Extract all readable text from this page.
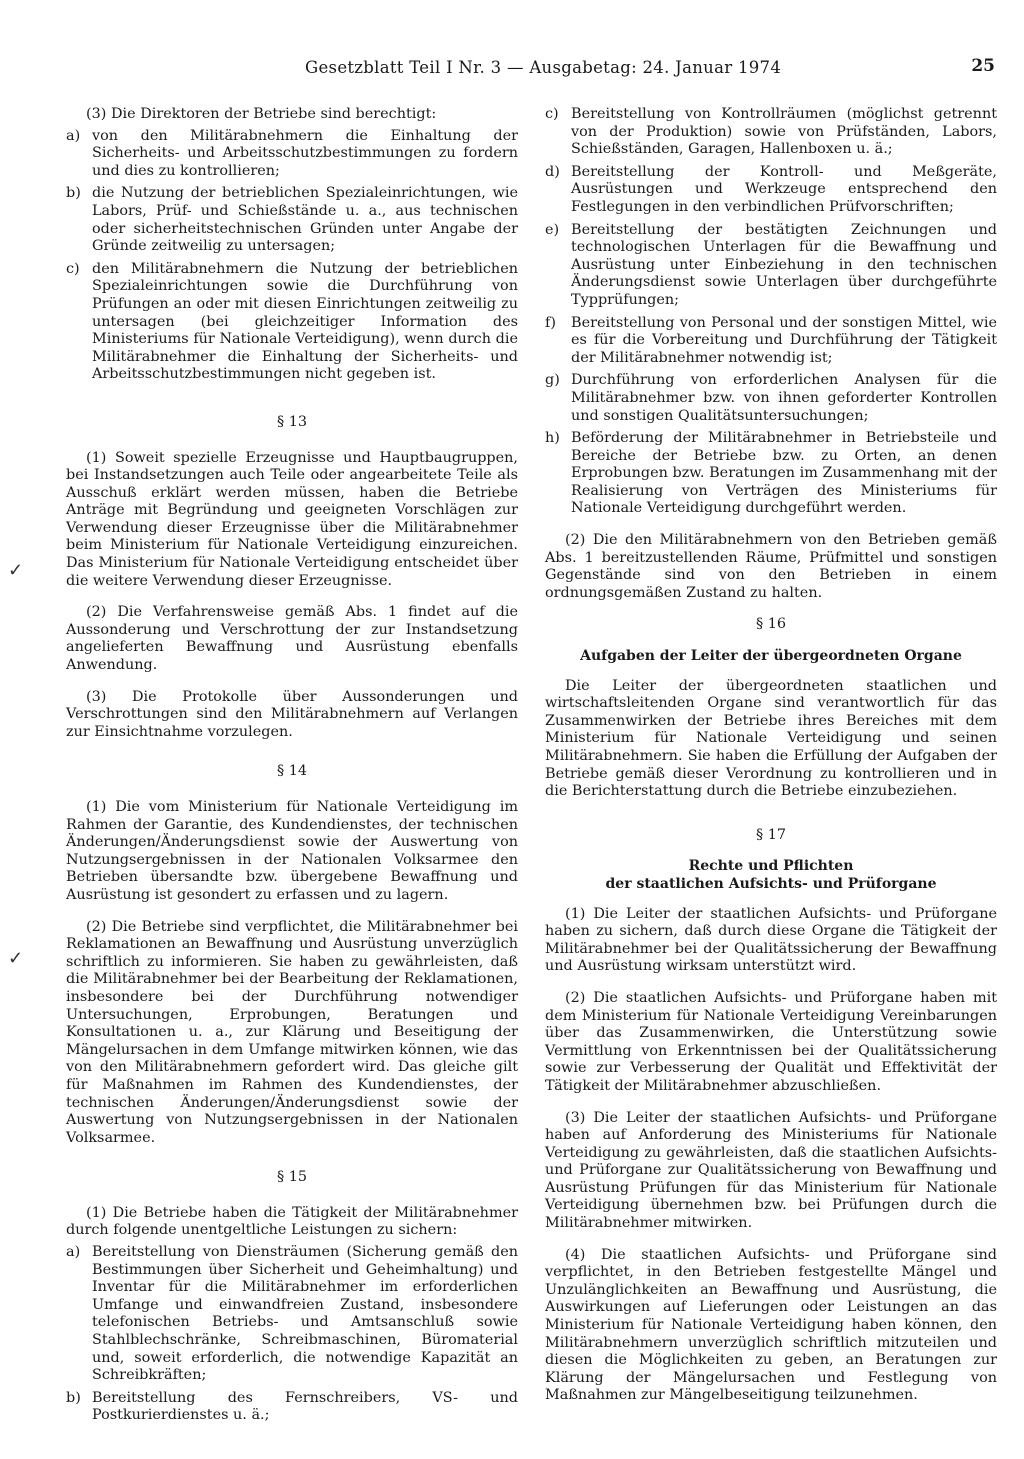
Gesetzblatt Teil I Nr. 3 — Ausgabetag: 24. Januar 1974	25
✓
✓

(3) Die Direktoren der Betriebe sind berechtigt:

a) von den Militärabnehmern die Einhaltung der Sicherheits- und Arbeitsschutzbestimmungen zu fordern und dies zu kontrollieren;
b) die Nutzung der betrieblichen Spezialeinrichtungen, wie Labors, Prüf- und Schießstände u. a., aus technischen oder sicherheitstechnischen Gründen unter Angabe der Gründe zeitweilig zu untersagen;
c) den Militärabnehmern die Nutzung der betrieblichen Spezialeinrichtungen sowie die Durchführung von Prüfungen an oder mit diesen Einrichtungen zeitweilig zu untersagen (bei gleichzeitiger Information des Ministeriums für Nationale Verteidigung), wenn durch die Militärabnehmer die Einhaltung der Sicherheits- und Arbeitsschutzbestimmungen nicht gegeben ist.
§ 13

(1) Soweit spezielle Erzeugnisse und Hauptbaugruppen, bei Instandsetzungen auch Teile oder angearbeitete Teile als Ausschuß erklärt werden müssen, haben die Betriebe Anträge mit Begründung und geeigneten Vorschlägen zur Verwendung dieser Erzeugnisse über die Militärabnehmer beim Ministerium für Nationale Verteidigung einzureichen. Das Ministerium für Nationale Verteidigung entscheidet über die weitere Verwendung dieser Erzeugnisse.

(2) Die Verfahrensweise gemäß Abs. 1 findet auf die Aussonderung und Verschrottung der zur Instandsetzung angelieferten Bewaffnung und Ausrüstung ebenfalls Anwendung.

(3) Die Protokolle über Aussonderungen und Verschrottungen sind den Militärabnehmern auf Verlangen zur Einsichtnahme vorzulegen.

§ 14

(1) Die vom Ministerium für Nationale Verteidigung im Rahmen der Garantie, des Kundendienstes, der technischen Änderungen/Änderungsdienst sowie der Auswertung von Nutzungsergebnissen in der Nationalen Volksarmee den Betrieben übersandte bzw. übergebene Bewaffnung und Ausrüstung ist gesondert zu erfassen und zu lagern.

(2) Die Betriebe sind verpflichtet, die Militärabnehmer bei Reklamationen an Bewaffnung und Ausrüstung unverzüglich schriftlich zu informieren. Sie haben zu gewährleisten, daß die Militärabnehmer bei der Bearbeitung der Reklamationen, insbesondere bei der Durchführung notwendiger Untersuchungen, Erprobungen, Beratungen und Konsultationen u. a., zur Klärung und Beseitigung der Mängelursachen in dem Umfange mitwirken können, wie das von den Militärabnehmern gefordert wird. Das gleiche gilt für Maßnahmen im Rahmen des Kundendienstes, der technischen Änderungen/Änderungsdienst sowie der Auswertung von Nutzungsergebnissen in der Nationalen Volksarmee.

§ 15

(1) Die Betriebe haben die Tätigkeit der Militärabnehmer durch folgende unentgeltliche Leistungen zu sichern:

a) Bereitstellung von Diensträumen (Sicherung gemäß den Bestimmungen über Sicherheit und Geheimhaltung) und Inventar für die Militärabnehmer im erforderlichen Umfange und einwandfreien Zustand, insbesondere telefonischen Betriebs- und Amtsanschluß sowie Stahlblechschränke, Schreibmaschinen, Büromaterial und, soweit erforderlich, die notwendige Kapazität an Schreibkräften;
b) Bereitstellung des Fernschreibers, VS- und Postkurierdienstes u. ä.;
c) Bereitstellung von Kontrollräumen (möglichst getrennt von der Produktion) sowie von Prüfständen, Labors, Schießständen, Garagen, Hallenboxen u. ä.;
d) Bereitstellung der Kontroll- und Meßgeräte, Ausrüstungen und Werkzeuge entsprechend den Festlegungen in den verbindlichen Prüfvorschriften;
e) Bereitstellung der bestätigten Zeichnungen und technologischen Unterlagen für die Bewaffnung und Ausrüstung unter Einbeziehung in den technischen Änderungsdienst sowie Unterlagen über durchgeführte Typprüfungen;
f)	Bereitstellung von Personal und der sonstigen Mittel, wie es für die Vorbereitung und Durchführung der Tätigkeit der Militärabnehmer notwendig ist;
g) Durchführung von erforderlichen Analysen für die Militärabnehmer bzw. von ihnen geforderter Kontrollen und sonstigen Qualitätsuntersuchungen;
h) Beförderung der Militärabnehmer in Betriebsteile und Bereiche der Betriebe bzw. zu Orten, an denen Erprobungen bzw. Beratungen im Zusammenhang mit der Realisierung von Verträgen des Ministeriums für Nationale Verteidigung durchgeführt werden.

(2) Die den Militärabnehmern von den Betrieben gemäß Abs. 1 bereitzustellenden Räume, Prüfmittel und sonstigen Gegenstände sind von den Betrieben in einem ordnungsgemäßen Zustand zu halten.

§ 16
Aufgaben der Leiter der übergeordneten Organe

Die Leiter der übergeordneten staatlichen und wirtschaftsleitenden Organe sind verantwortlich für das Zusammenwirken der Betriebe ihres Bereiches mit dem Ministerium für Nationale Verteidigung und seinen Militärabnehmern. Sie haben die Erfüllung der Aufgaben der Betriebe gemäß dieser Verordnung zu kontrollieren und in die Berichterstattung durch die Betriebe einzubeziehen.

§ 17
Rechte und Pflichten
der staatlichen Aufsichts- und Prüforgane

(1) Die Leiter der staatlichen Aufsichts- und Prüforgane haben zu sichern, daß durch diese Organe die Tätigkeit der Militärabnehmer bei der Qualitätssicherung der Bewaffnung und Ausrüstung wirksam unterstützt wird.

(2) Die staatlichen Aufsichts- und Prüforgane haben mit dem Ministerium für Nationale Verteidigung Vereinbarungen über das Zusammenwirken, die Unterstützung sowie Vermittlung von Erkenntnissen bei der Qualitätssicherung sowie zur Verbesserung der Qualität und Effektivität der Tätigkeit der Militärabnehmer abzuschließen.

(3) Die Leiter der staatlichen Aufsichts- und Prüforgane haben auf Anforderung des Ministeriums für Nationale Verteidigung zu gewährleisten, daß die staatlichen Aufsichts- und Prüforgane zur Qualitätssicherung von Bewaffnung und Ausrüstung Prüfungen für das Ministerium für Nationale Verteidigung übernehmen bzw. bei Prüfungen durch die Militärabnehmer mitwirken.

(4) Die staatlichen Aufsichts- und Prüforgane sind verpflichtet, in den Betrieben festgestellte Mängel und Unzulänglichkeiten an Bewaffnung und Ausrüstung, die Auswirkungen auf Lieferungen oder Leistungen an das Ministerium für Nationale Verteidigung haben können, den Militärabnehmern unverzüglich schriftlich mitzuteilen und diesen die Möglichkeiten zu geben, an Beratungen zur Klärung der Mängelursachen und Festlegung von Maßnahmen zur Mängelbeseitigung teilzunehmen.
